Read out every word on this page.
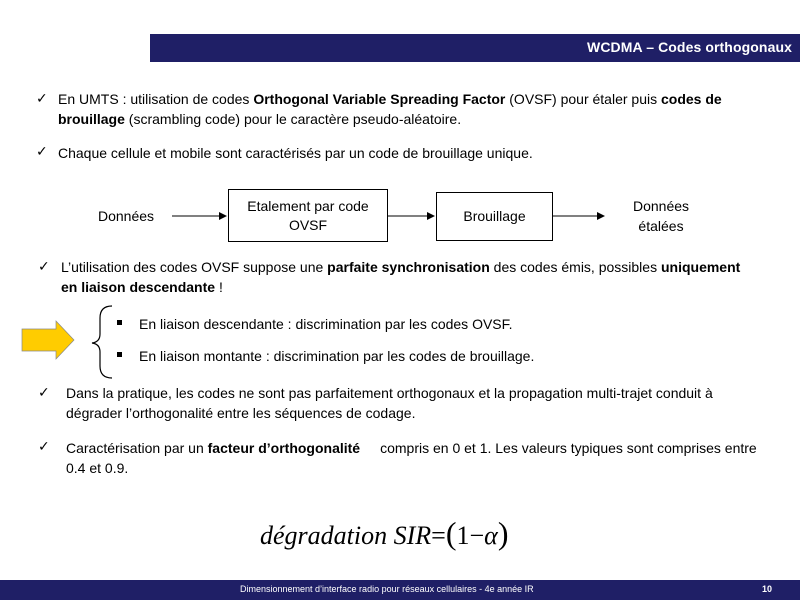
WCDMA – Codes orthogonaux
✓ En UMTS : utilisation de codes Orthogonal Variable Spreading Factor (OVSF) pour étaler puis codes de
brouillage (scrambling code) pour le caractère pseudo-aléatoire.
✓ Chaque cellule et mobile sont caractérisés par un code de brouillage unique.
Données
Etalement par code
OVSF
Brouillage
Données
étalées
✓ L’utilisation des codes OVSF suppose une parfaite synchronisation des codes émis, possibles uniquement
en liaison descendante !
En liaison descendante : discrimination par les codes OVSF.
En liaison montante : discrimination par les codes de brouillage.
✓	Dans la pratique, les codes ne sont pas parfaitement orthogonaux et la propagation multi-trajet conduit à
dégrader l’orthogonalité entre les séquences de codage.
✓	Caractérisation par un facteur d’orthogonalité compris en 0 et 1. Les valeurs typiques sont comprises entre
0.4 et 0.9.
dégradation SIR=(1−α)
Dimensionnement d’interface radio pour réseaux cellulaires - 4e année IR	10
